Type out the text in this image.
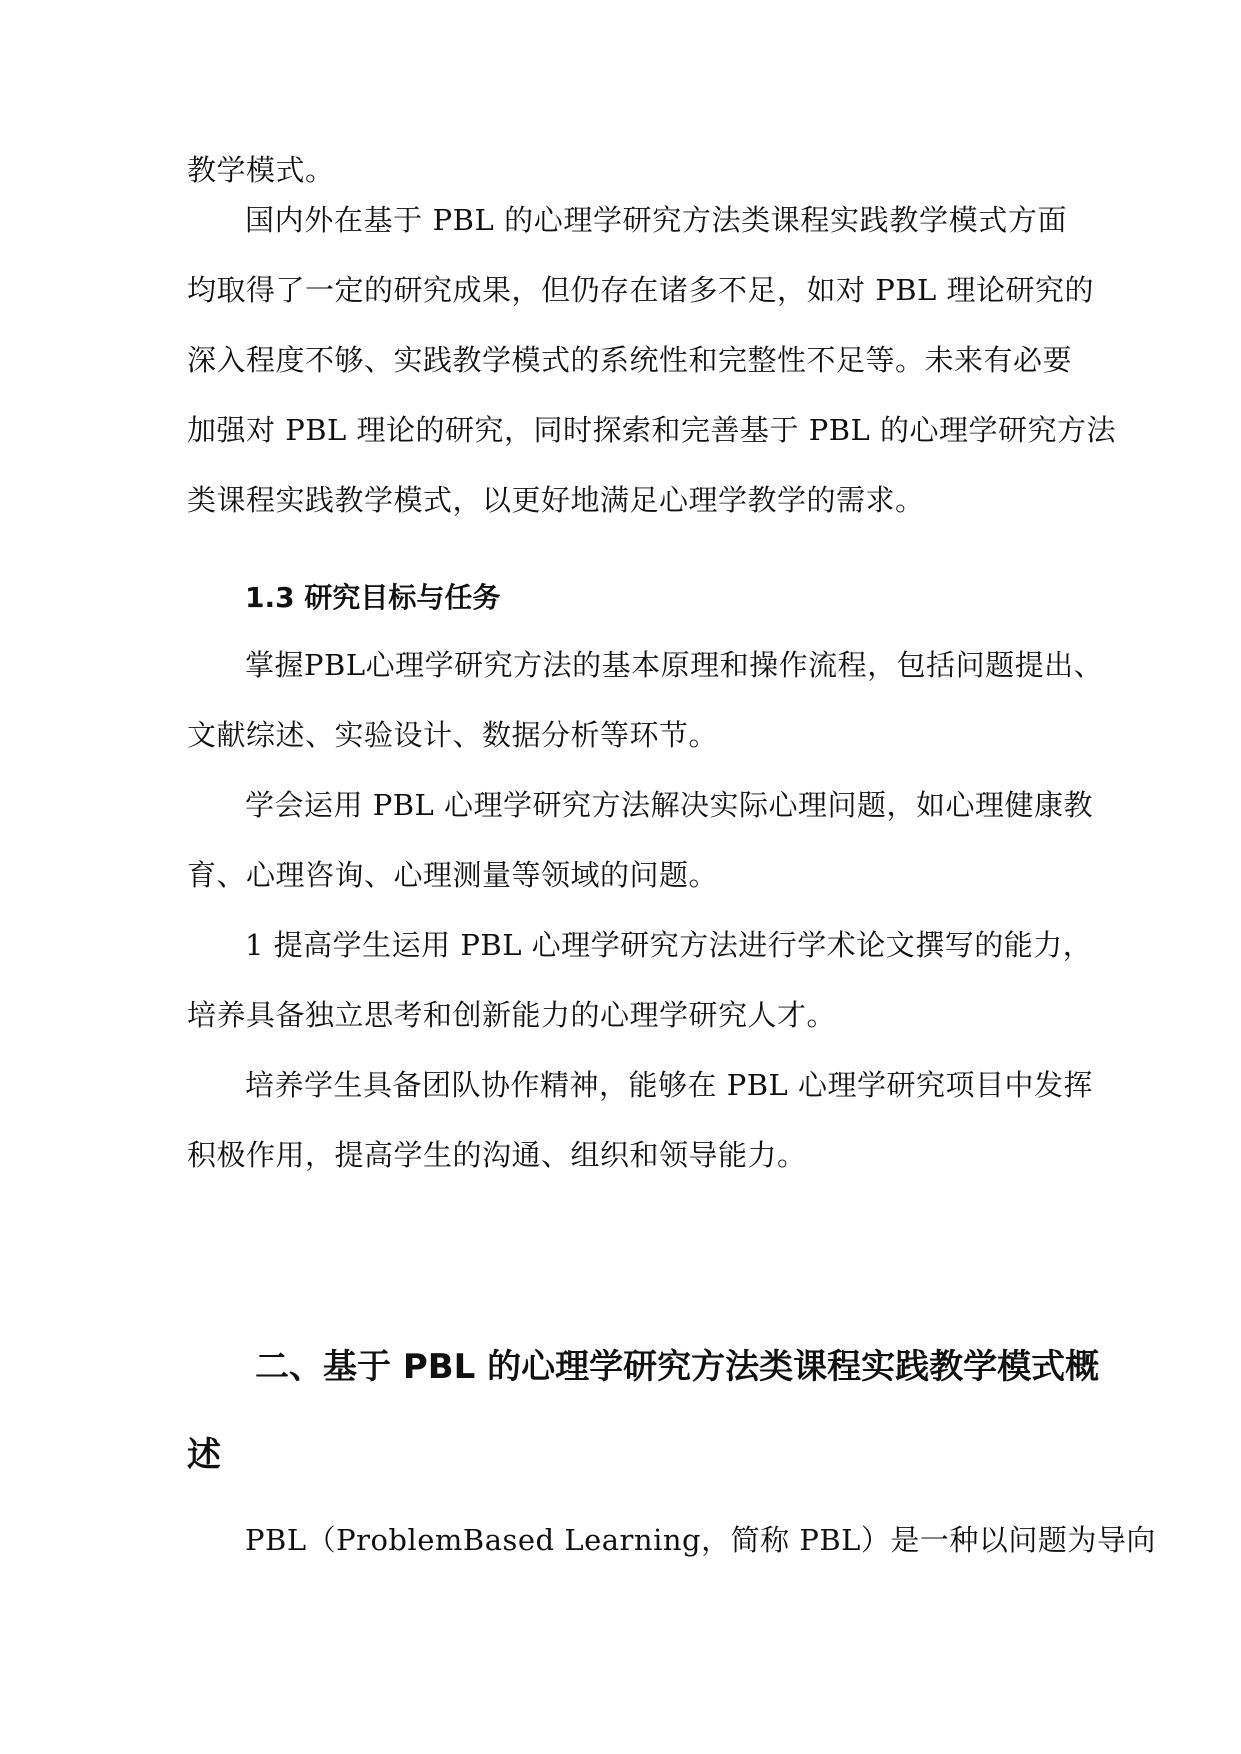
教学模式。
国内外在基于 PBL 的心理学研究方法类课程实践教学模式方面
均取得了一定的研究成果，但仍存在诸多不足，如对 PBL 理论研究的
深入程度不够、实践教学模式的系统性和完整性不足等。未来有必要
加强对 PBL 理论的研究，同时探索和完善基于 PBL 的心理学研究方法
类课程实践教学模式，以更好地满足心理学教学的需求。
1.3 研究目标与任务
掌握PBL心理学研究方法的基本原理和操作流程，包括问题提出、
文献综述、实验设计、数据分析等环节。
学会运用 PBL 心理学研究方法解决实际心理问题，如心理健康教
育、心理咨询、心理测量等领域的问题。
1 提高学生运用 PBL 心理学研究方法进行学术论文撰写的能力，
培养具备独立思考和创新能力的心理学研究人才。
培养学生具备团队协作精神，能够在 PBL 心理学研究项目中发挥
积极作用，提高学生的沟通、组织和领导能力。
二、基于 PBL 的心理学研究方法类课程实践教学模式概
述
PBL（ProblemBased Learning，简称 PBL）是一种以问题为导向
